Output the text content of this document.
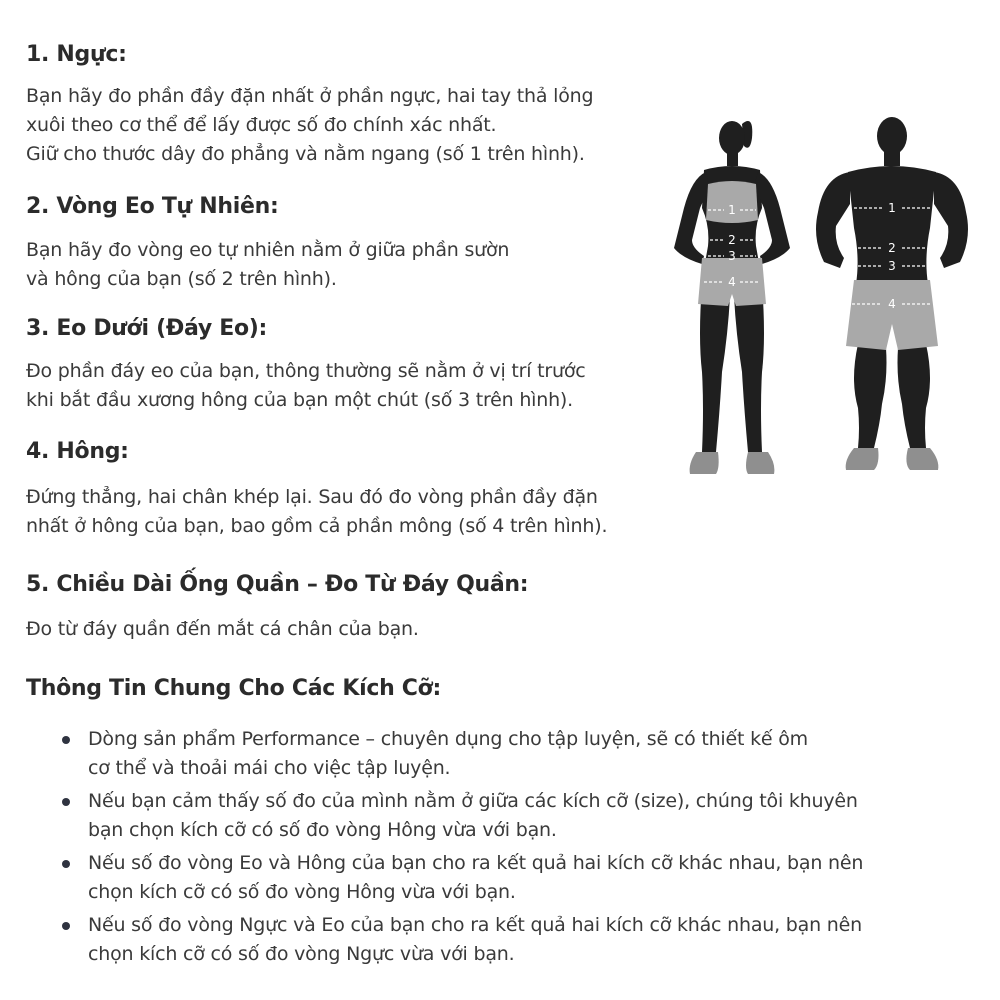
1. Ngực:

Bạn hãy đo phần đầy đặn nhất ở phần ngực, hai tay thả lỏng
xuôi theo cơ thể để lấy được số đo chính xác nhất.
Giữ cho thước dây đo phẳng và nằm ngang (số 1 trên hình).

2. Vòng Eo Tự Nhiên:

Bạn hãy đo vòng eo tự nhiên nằm ở giữa phần sườn
và hông của bạn (số 2 trên hình).

3. Eo Dưới (Đáy Eo):

Đo phần đáy eo của bạn, thông thường sẽ nằm ở vị trí trước
khi bắt đầu xương hông của bạn một chút (số 3 trên hình).

4. Hông:

Đứng thẳng, hai chân khép lại. Sau đó đo vòng phần đầy đặn
nhất ở hông của bạn, bao gồm cả phần mông (số 4 trên hình).

5. Chiều Dài Ống Quần – Đo Từ Đáy Quần:

Đo từ đáy quần đến mắt cá chân của bạn.

Thông Tin Chung Cho Các Kích Cỡ:
Dòng sản phẩm Performance – chuyên dụng cho tập luyện, sẽ có thiết kế ôm
cơ thể và thoải mái cho việc tập luyện.
Nếu bạn cảm thấy số đo của mình nằm ở giữa các kích cỡ (size), chúng tôi khuyên
bạn chọn kích cỡ có số đo vòng Hông vừa với bạn.
Nếu số đo vòng Eo và Hông của bạn cho ra kết quả hai kích cỡ khác nhau, bạn nên
chọn kích cỡ có số đo vòng Hông vừa với bạn.
Nếu số đo vòng Ngực và Eo của bạn cho ra kết quả hai kích cỡ khác nhau, bạn nên
chọn kích cỡ có số đo vòng Ngực vừa với bạn.
1
2
3
4
1
2
3
4
